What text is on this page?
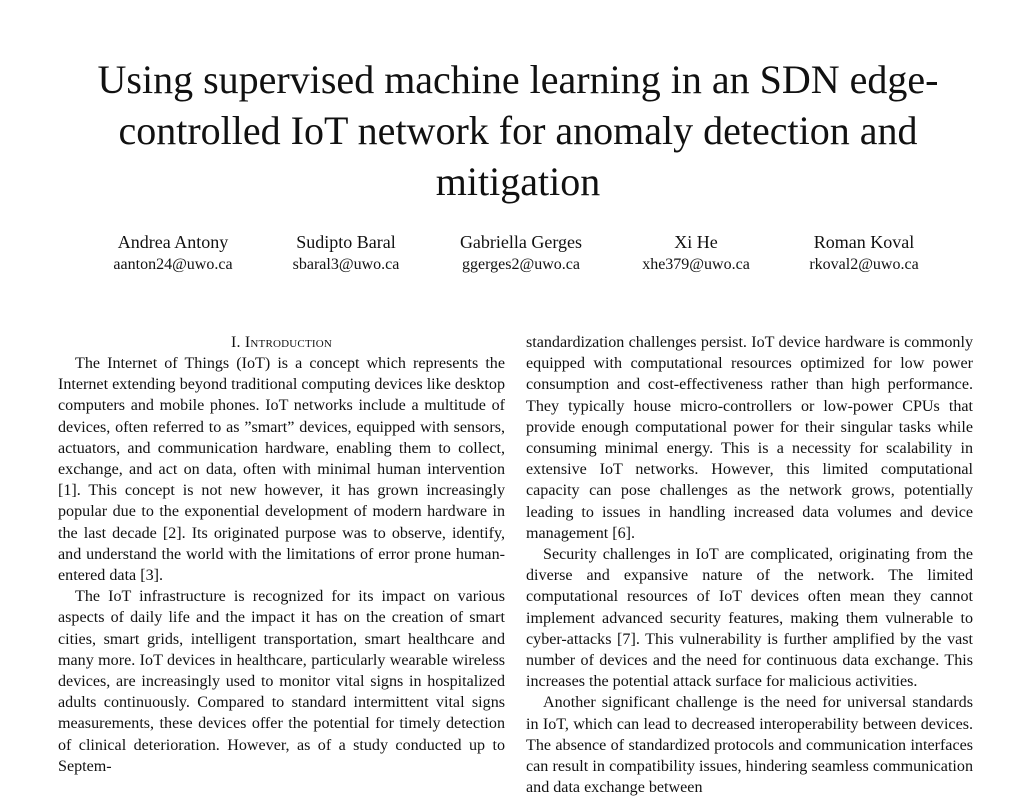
Using supervised machine learning in an SDN edge-controlled IoT network for anomaly detection and mitigation
Andrea Antony
aanton24@uwo.ca
Sudipto Baral
sbaral3@uwo.ca
Gabriella Gerges
ggerges2@uwo.ca
Xi He
xhe379@uwo.ca
Roman Koval
rkoval2@uwo.ca
I. Introduction

The Internet of Things (IoT) is a concept which represents the Internet extending beyond traditional computing devices like desktop computers and mobile phones. IoT networks include a multitude of devices, often referred to as ”smart” devices, equipped with sensors, actuators, and communication hardware, enabling them to collect, exchange, and act on data, often with minimal human intervention [1]. This concept is not new however, it has grown increasingly popular due to the exponential development of modern hardware in the last decade [2]. Its originated purpose was to observe, identify, and understand the world with the limitations of error prone human-entered data [3].

The IoT infrastructure is recognized for its impact on various aspects of daily life and the impact it has on the creation of smart cities, smart grids, intelligent transportation, smart healthcare and many more. IoT devices in healthcare, particularly wearable wireless devices, are increasingly used to monitor vital signs in hospitalized adults continuously. Compared to standard intermittent vital signs measurements, these devices offer the potential for timely detection of clinical deterioration. However, as of a study conducted up to Septem-

standardization challenges persist. IoT device hardware is commonly equipped with computational resources optimized for low power consumption and cost-effectiveness rather than high performance. They typically house micro-controllers or low-power CPUs that provide enough computational power for their singular tasks while consuming minimal energy. This is a necessity for scalability in extensive IoT networks. However, this limited computational capacity can pose challenges as the network grows, potentially leading to issues in handling increased data volumes and device management [6].

Security challenges in IoT are complicated, originating from the diverse and expansive nature of the network. The limited computational resources of IoT devices often mean they cannot implement advanced security features, making them vulnerable to cyber-attacks [7]. This vulnerability is further amplified by the vast number of devices and the need for continuous data exchange. This increases the potential attack surface for malicious activities.

Another significant challenge is the need for universal standards in IoT, which can lead to decreased interoperability between devices. The absence of standardized protocols and communication interfaces can result in compatibility issues, hindering seamless communication and data exchange between
